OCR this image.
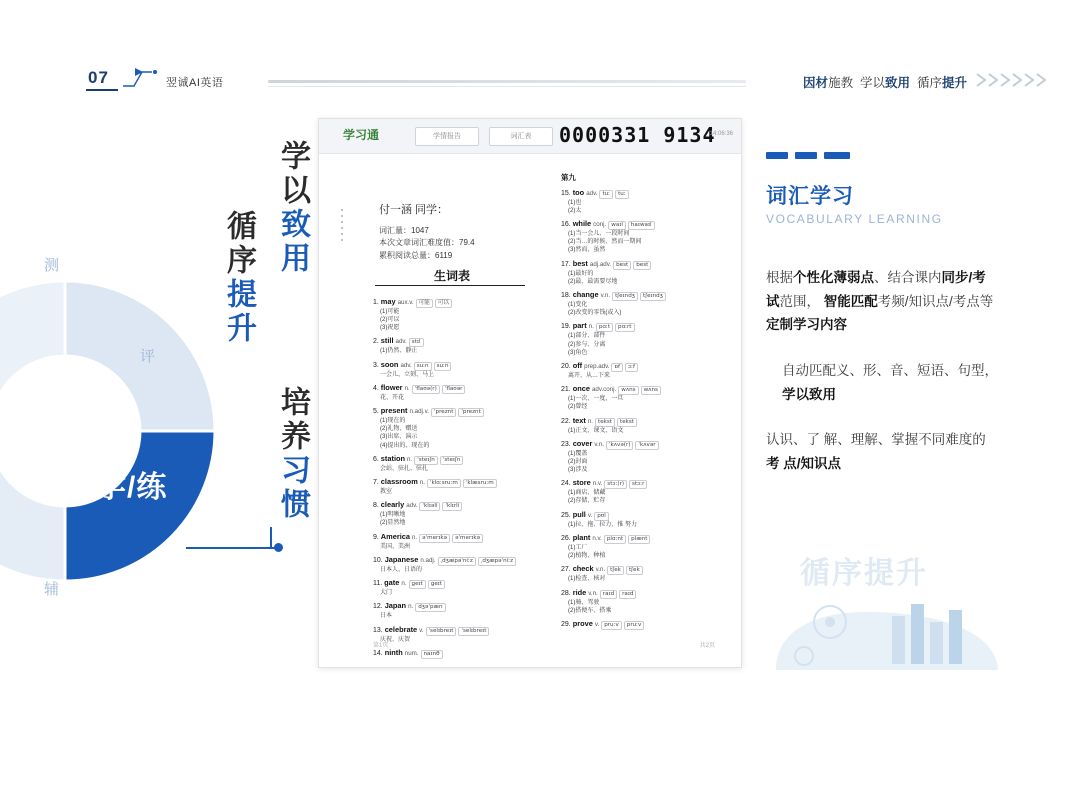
07	翌诚AI英语	因材施教  学以致用  循序提升
测
评
辅
学/练
学以致用
循序提升
培养习惯
学习通	学情报告	词汇表	0000331 9134
14:06:36
付一涵 同学：
词汇量：1047
本次文章词汇难度值：79.4
累积阅读总量：6119
生词表
1. may aux.v. 可能 可以
(1)可能
(2)可以
(3)祝愿
2. still adv. stɪl
(1)仍然、静止
3. soon adv. suːn suːn
一会儿、立刻、马上
4. flower n. ˈflaʊə(r) ˈflaʊər
花、开花
5. present n.adj.v. ˈpreznt ˈpreznt
(1)现在的
(2)礼物、赠送
(3)出席、演示
(4)提出的、现在的
6. station n. ˈsteɪʃn ˈsteɪʃn
会站、驻扎、驻扎
7. classroom n. ˈklɑːsruːm ˈklæsruːm
教室
8. clearly adv. ˈklɪəli ˈklɪrli
(1)明晰地
(2)显然地
9. America n. əˈmerɪkə əˈmerɪkə
美国、美洲
10. Japanese n.adj. ˌdʒæpəˈniːz ˌdʒæpəˈniːz
日本人、日语的
11. gate n. ɡeɪt ɡeɪt
大门
12. Japan n. dʒəˈpæn
日本
13. celebrate v. ˈselɪbreɪt ˈselɪbreɪt
庆祝、庆贺
14. ninth num. naɪnθ
第九
15. too adv. tuː tuː
(1)也
(2)太
16. while conj. waɪl haɪwaɪl
(1)当一会儿、一段时间
(2)当…的时候、然而一期间
(3)然而、虽然
17. best adj.adv. best best
(1)最好的
(2)最、最需要尽地
18. change v.n. tʃeɪndʒ tʃeɪndʒ
(1)变化
(2)改变的零钱(或入)
19. part n. pɑːt pɑːrt
(1)部分、部件
(2)参与、分离
(3)角色
20. off prep.adv. ɒf ɔːf
离开、从…下来
21. once adv.conj. wʌns wʌns
(1)一次、一度、一旦
(2)曾经
22. text n. tekst tekst
(1)正文、课文、语文
23. cover v.n. ˈkʌvə(r) ˈkʌvər
(1)覆盖
(2)封面
(3)涉及
24. store n.v. stɔː(r) stɔːr
(1)商店、储藏
(2)存储、贮存
25. pull v. pʊl
(1)拉、拖、拉力、推 努力
26. plant n.v. plɑːnt plænt
(1)工厂
(2)植物、种植
27. check v.n. tʃek tʃek
(1)检查、核对
28. ride v.n. raɪd raɪd
(1)骑、驾驶
(2)搭便车、搭乘
29. prove v. pruːv pruːv
第1页	共2页
词汇学习
VOCABULARY LEARNING

根据个性化薄弱点、结合课内同步/考试范围， 智能匹配考频/知识点/考点等定制学习内容

自动匹配义、形、音、短语、句型， 学以致用

认识、了 解、理解、掌握不同难度的考 点/知识点

循序提升
